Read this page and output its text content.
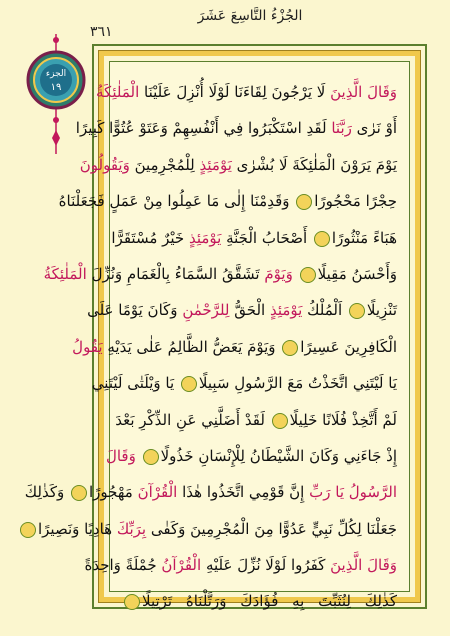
الجُزْءُ التَّاسِعَ عَشَرَ
٣٦١
الجزء
١٩	وَقَالَ الَّذِينَ لَا يَرْجُونَ لِقَاءَنَا لَوْلَا أُنْزِلَ عَلَيْنَا الْمَلٰئِكَةُ
أَوْ نَرٰى رَبَّنَا لَقَدِ اسْتَكْبَرُوا فِي أَنْفُسِهِمْ وَعَتَوْ عُتُوًّا كَبِيرًا
يَوْمَ يَرَوْنَ الْمَلٰئِكَةَ لَا بُشْرٰى يَوْمَئِذٍ لِلْمُجْرِمِينَ وَيَقُولُونَ
حِجْرًا مَحْجُورًا وَقَدِمْنَا إِلٰى مَا عَمِلُوا مِنْ عَمَلٍ فَجَعَلْنَاهُ
هَبَاءً مَنْثُورًا أَصْحَابُ الْجَنَّةِ يَوْمَئِذٍ خَيْرٌ مُسْتَقَرًّا
وَأَحْسَنُ مَقِيلًا وَيَوْمَ تَشَقَّقُ السَّمَاءُ بِالْغَمَامِ وَنُزِّلَ الْمَلٰئِكَةُ
تَنْزِيلًا اَلْمُلْكُ يَوْمَئِذٍ الْحَقُّ لِلرَّحْمٰنِ وَكَانَ يَوْمًا عَلَى
الْكَافِرِينَ عَسِيرًا وَيَوْمَ يَعَضُّ الظَّالِمُ عَلٰى يَدَيْهِ يَقُولُ
يَا لَيْتَنِي اتَّخَذْتُ مَعَ الرَّسُولِ سَبِيلًا يَا وَيْلَتٰى لَيْتَنِي
لَمْ أَتَّخِذْ فُلَانًا خَلِيلًا لَقَدْ أَضَلَّنِي عَنِ الذِّكْرِ بَعْدَ
إِذْ جَاءَنِي وَكَانَ الشَّيْطَانُ لِلْإِنْسَانِ خَذُولًا وَقَالَ
الرَّسُولُ يَا رَبِّ إِنَّ قَوْمِي اتَّخَذُوا هٰذَا الْقُرْآنَ مَهْجُورًا وَكَذٰلِكَ
جَعَلْنَا لِكُلِّ نَبِيٍّ عَدُوًّا مِنَ الْمُجْرِمِينَ وَكَفٰى بِرَبِّكَ هَادِيًا وَنَصِيرًا
وَقَالَ الَّذِينَ كَفَرُوا لَوْلَا نُزِّلَ عَلَيْهِ الْقُرْآنُ جُمْلَةً وَاحِدَةً
كَذٰلِكَ لِنُثَبِّتَ بِهِ فُؤَادَكَ وَرَتَّلْنَاهُ تَرْتِيلًا
